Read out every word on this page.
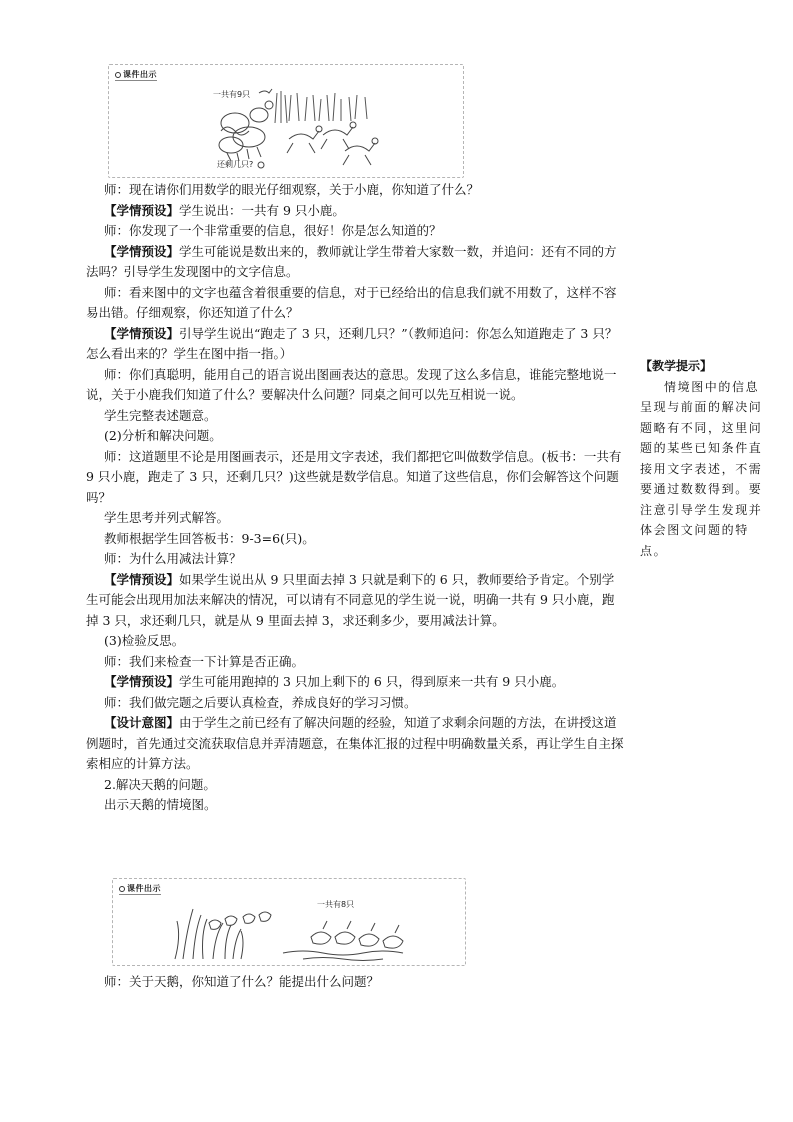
课件出示
一共有9只
还剩几只?

师：现在请你们用数学的眼光仔细观察，关于小鹿，你知道了什么？

【学情预设】学生说出：一共有 9 只小鹿。

师：你发现了一个非常重要的信息，很好！你是怎么知道的？

【学情预设】学生可能说是数出来的，教师就让学生带着大家数一数，并追问：还有不同的方法吗？引导学生发现图中的文字信息。

师：看来图中的文字也蕴含着很重要的信息，对于已经给出的信息我们就不用数了，这样不容易出错。仔细观察，你还知道了什么？

【学情预设】引导学生说出“跑走了 3 只，还剩几只？”（教师追问：你怎么知道跑走了 3 只？怎么看出来的？学生在图中指一指。）

师：你们真聪明，能用自己的语言说出图画表达的意思。发现了这么多信息，谁能完整地说一说，关于小鹿我们知道了什么？要解决什么问题？同桌之间可以先互相说一说。

学生完整表述题意。

(2)分析和解决问题。

师：这道题里不论是用图画表示，还是用文字表述，我们都把它叫做数学信息。(板书：一共有 9 只小鹿，跑走了 3 只，还剩几只？)这些就是数学信息。知道了这些信息，你们会解答这个问题吗？

学生思考并列式解答。

教师根据学生回答板书：9-3=6(只)。

师：为什么用减法计算？

【学情预设】如果学生说出从 9 只里面去掉 3 只就是剩下的 6 只，教师要给予肯定。个别学生可能会出现用加法来解决的情况，可以请有不同意见的学生说一说，明确一共有 9 只小鹿，跑掉 3 只，求还剩几只，就是从 9 里面去掉 3，求还剩多少，要用减法计算。

(3)检验反思。

师：我们来检查一下计算是否正确。

【学情预设】学生可能用跑掉的 3 只加上剩下的 6 只，得到原来一共有 9 只小鹿。

师：我们做完题之后要认真检查，养成良好的学习习惯。

【设计意图】由于学生之前已经有了解决问题的经验，知道了求剩余问题的方法，在讲授这道例题时，首先通过交流获取信息并弄清题意，在集体汇报的过程中明确数量关系，再让学生自主探索相应的计算方法。

2.解决天鹅的问题。

出示天鹅的情境图。

课件出示
一共有8只

师：关于天鹅，你知道了什么？能提出什么问题？

【教学提示】

情境图中的信息呈现与前面的解决问题略有不同，这里问题的某些已知条件直接用文字表述，不需要通过数数得到。要注意引导学生发现并体会图文问题的特点。
